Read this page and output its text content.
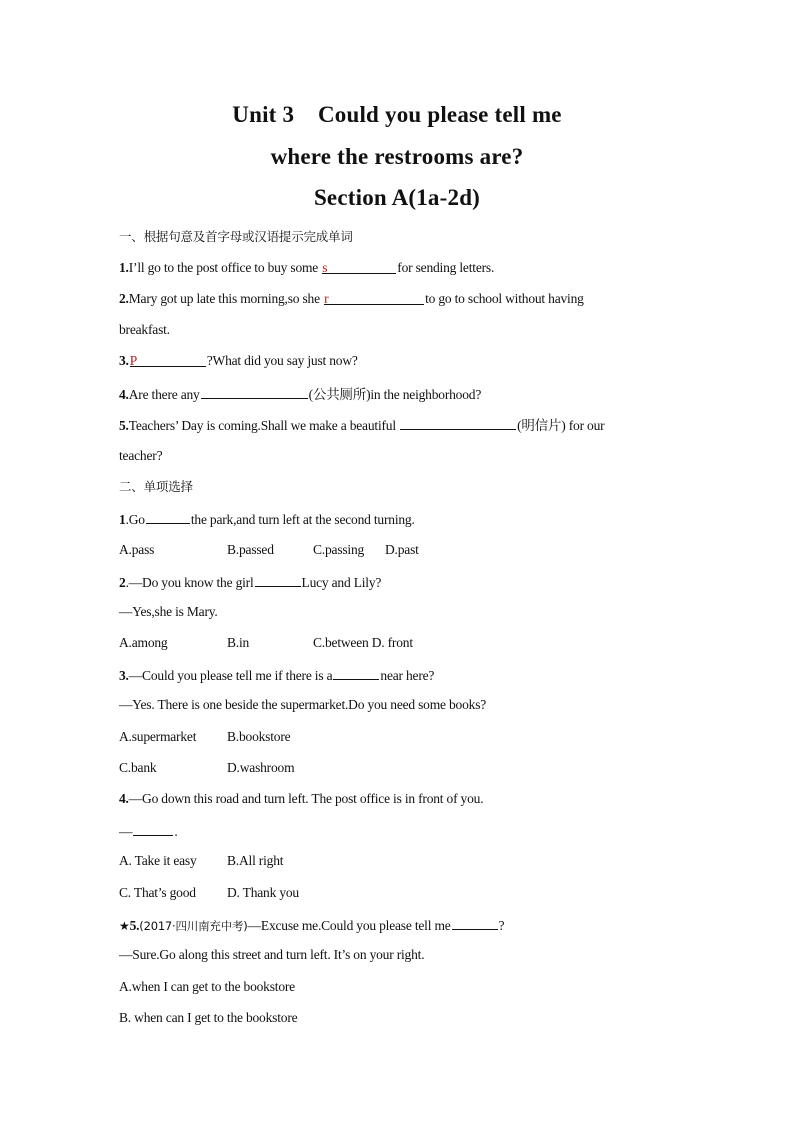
Unit 3    Could you please tell me
where the restrooms are?
Section A(1a-2d)
一、根据句意及首字母或汉语提示完成单词
1.I’ll go to the post office to buy some s	for sending letters.
2.Mary got up late this morning,so she r	to go to school without having
breakfast.
3.P	?What did you say just now?
4.Are there any	(公共厕所)in the neighborhood?
5.Teachers’ Day is coming.Shall we make a beautiful	(明信片) for our
teacher?
二、单项选择
1.Go	the park,and turn left at the second turning.
A.pass	B.passed	C.passing D.past
2.—Do you know the girl	Lucy and Lily?
—Yes,she is Mary.
A.among	B.in	C.between D. front
3.—Could you please tell me if there is a	near here?
—Yes. There is one beside the supermarket.Do you need some books?
A.supermarket B.bookstore
C.bank	D.washroom
4.—Go down this road and turn left. The post office is in front of you.
—	.
A. Take it easy B.All right
C. That’s good D. Thank you
★5.(2017·四川南充中考)—Excuse me.Could you please tell me	?
—Sure.Go along this street and turn left. It’s on your right.
A.when I can get to the bookstore
B. when can I get to the bookstore
